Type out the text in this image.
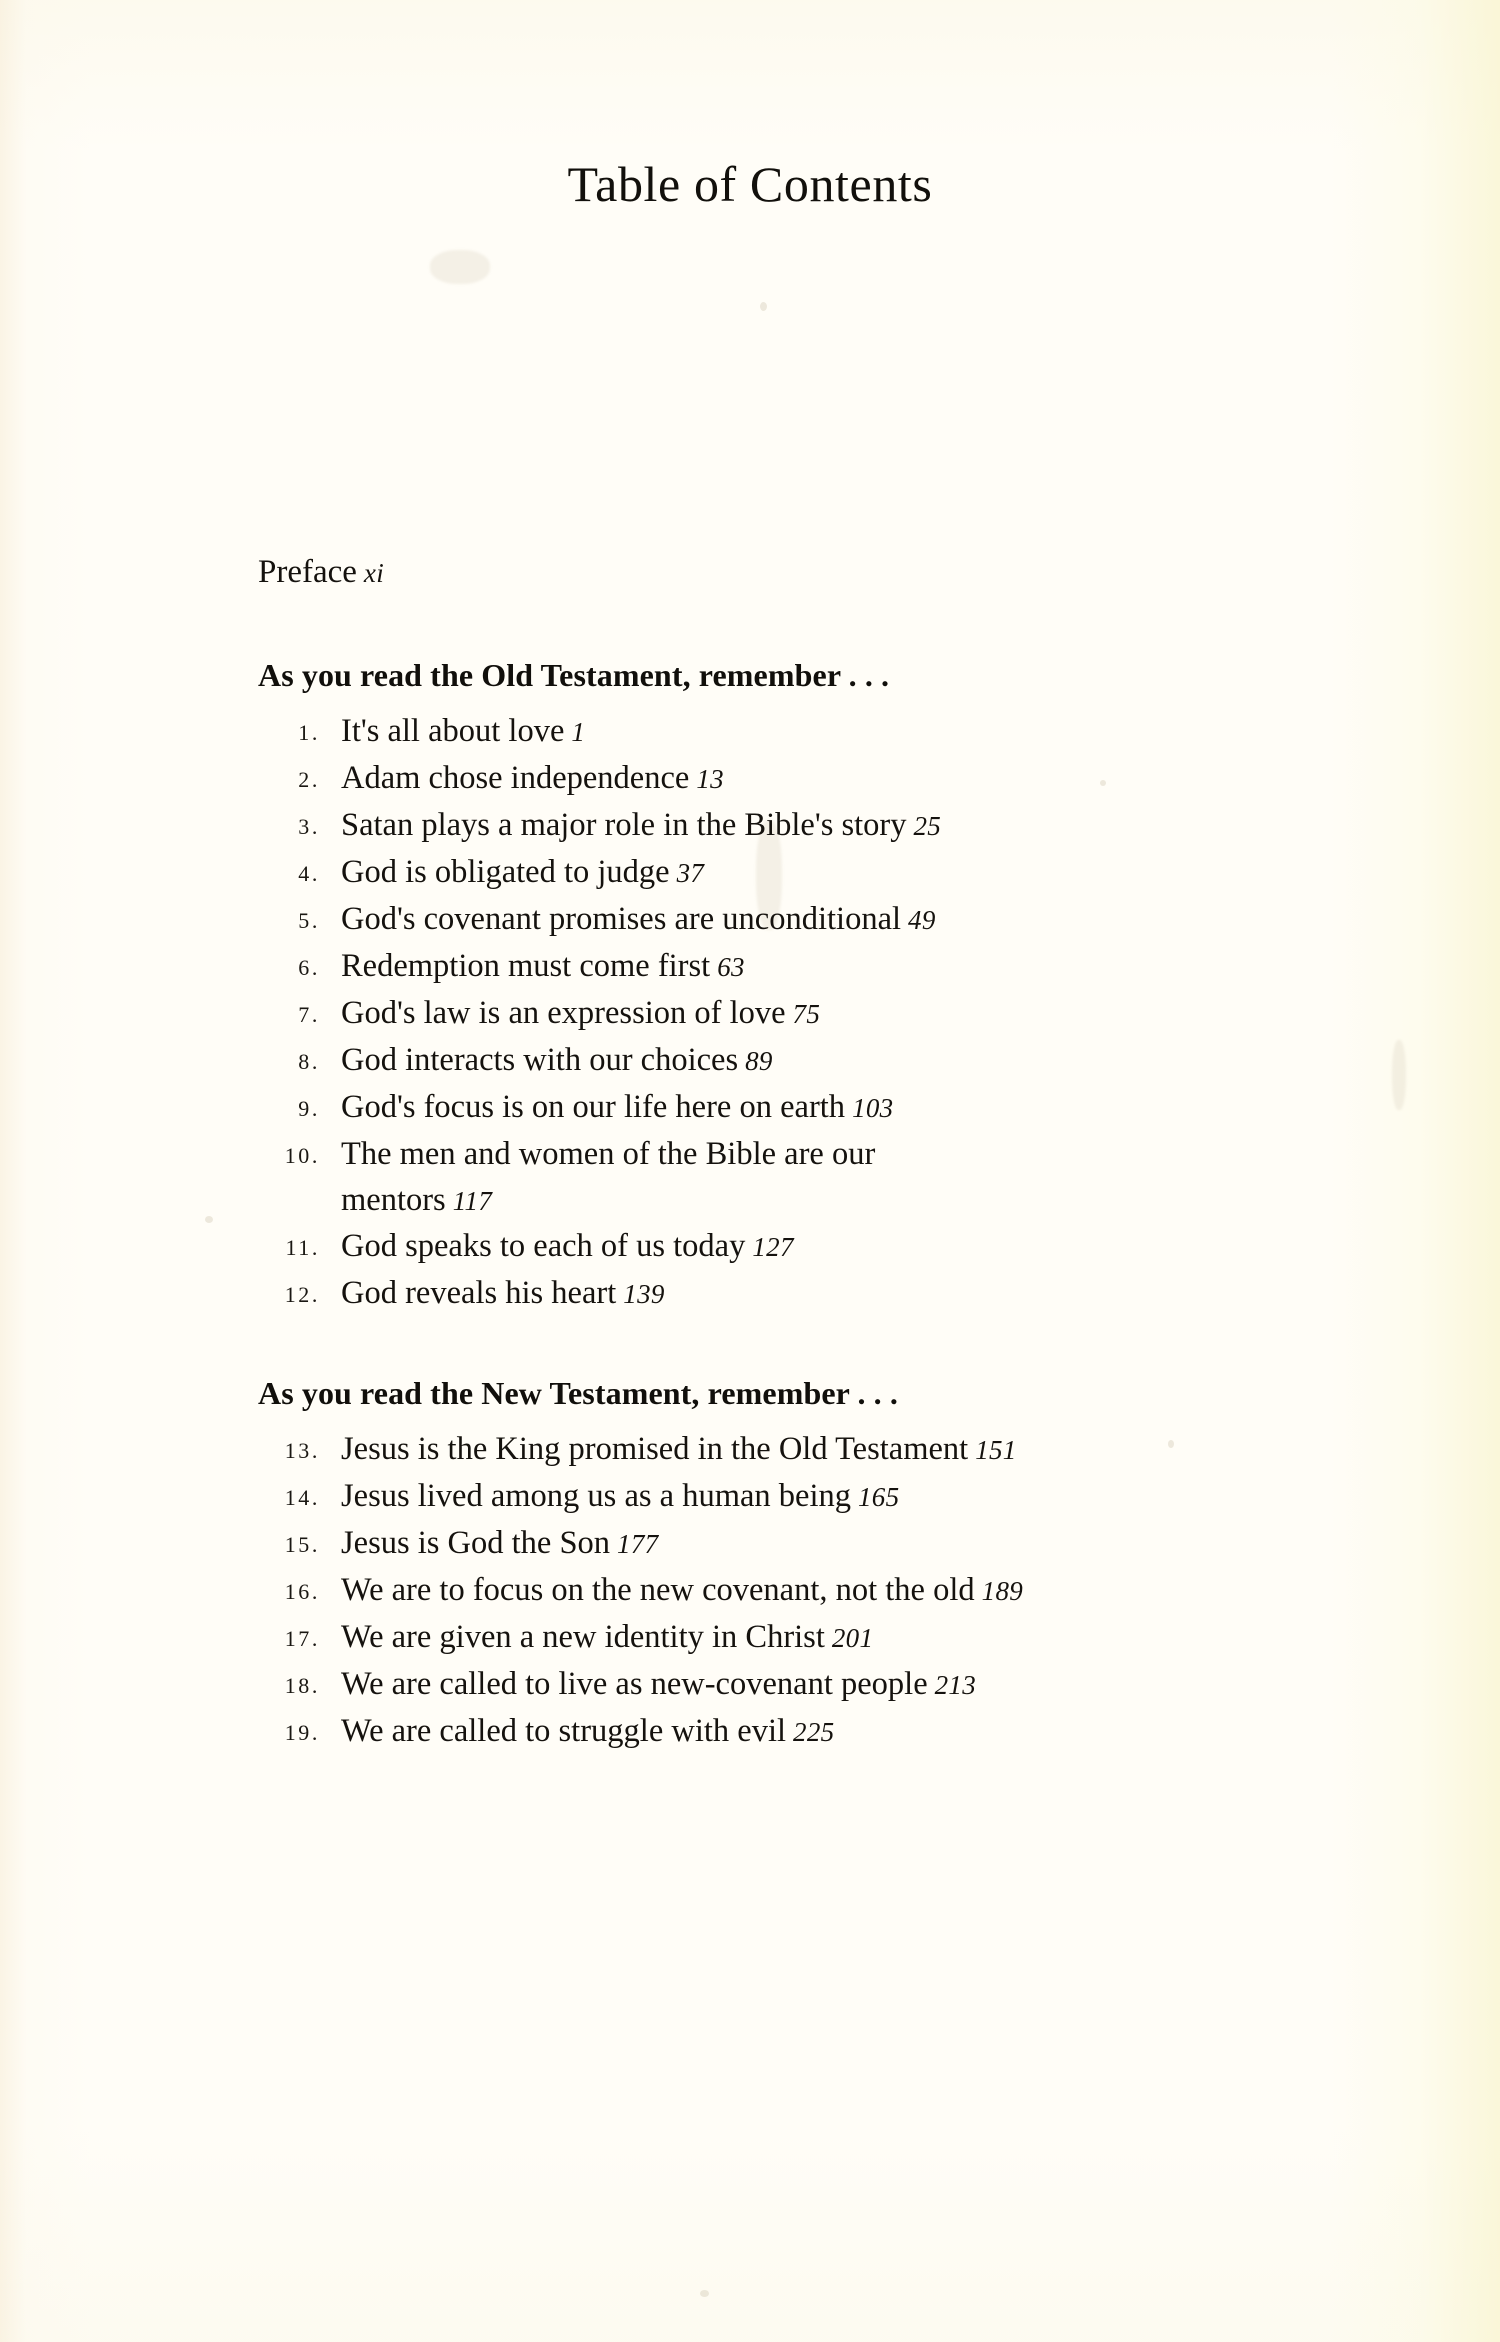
Table of Contents
Preface xi
As you read the Old Testament, remember . . .
1. It's all about love 1
2. Adam chose independence 13
3. Satan plays a major role in the Bible's story 25
4. God is obligated to judge 37
5. God's covenant promises are unconditional 49
6. Redemption must come first 63
7. God's law is an expression of love 75
8. God interacts with our choices 89
9. God's focus is on our life here on earth 103
10. The men and women of the Bible are our
mentors 117
11. God speaks to each of us today 127
12. God reveals his heart 139
As you read the New Testament, remember . . .
13. Jesus is the King promised in the Old Testament 151
14. Jesus lived among us as a human being 165
15. Jesus is God the Son 177
16. We are to focus on the new covenant, not the old 189
17. We are given a new identity in Christ 201
18. We are called to live as new-covenant people 213
19. We are called to struggle with evil 225
